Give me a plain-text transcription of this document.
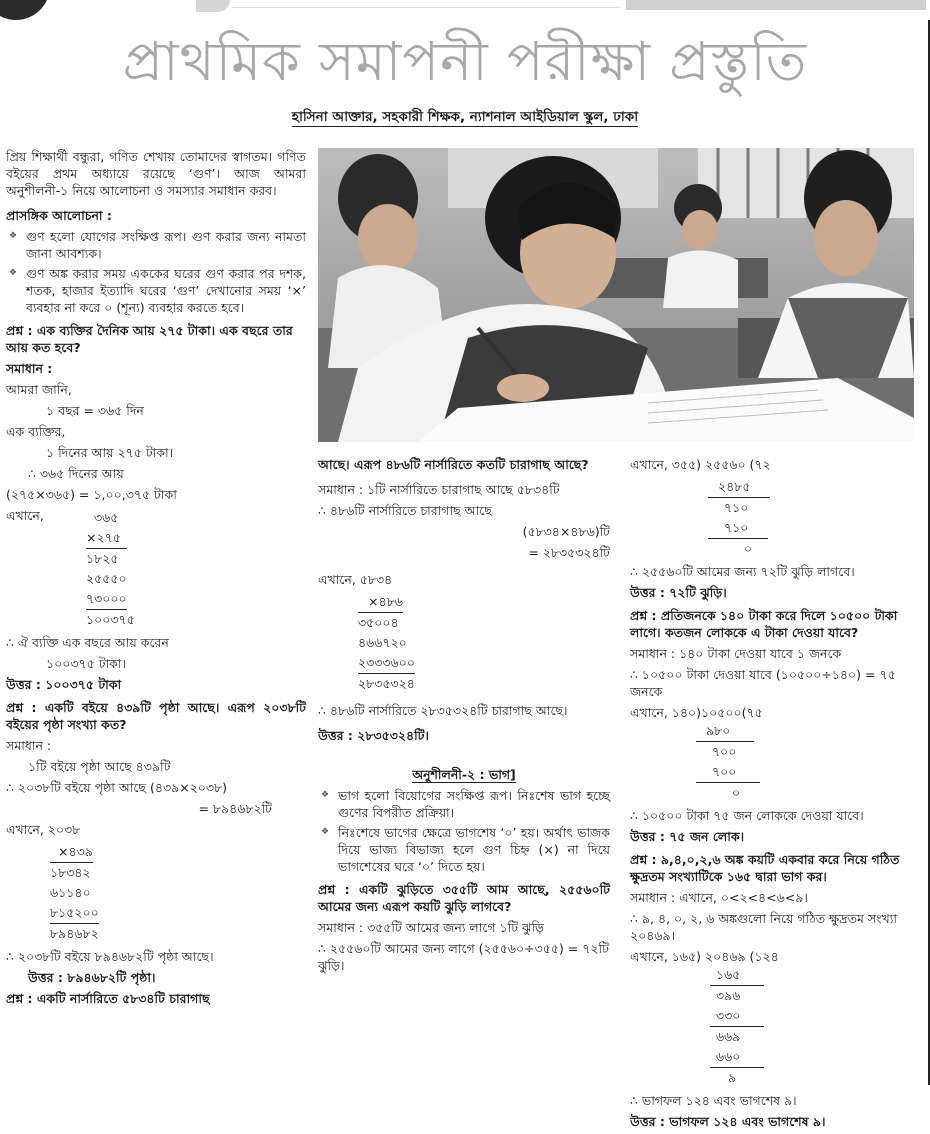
প্রাথমিক সমাপনী পরীক্ষা প্রস্তুতি
হাসিনা আক্তার, সহকারী শিক্ষক, ন্যাশনাল আইডিয়াল স্কুল, ঢাকা

প্রিয় শিক্ষার্থী বন্ধুরা, গণিত শেখায় তোমাদের স্বাগতম। গণিত বইয়ের প্রথম অধ্যায়ে রয়েছে ‘গুণ’। আজ আমরা অনুশীলনী-১ নিয়ে আলোচনা ও সমস্যার সমাধান করব।

প্রাসঙ্গিক আলোচনা :

❖ গুণ হলো যোগের সংক্ষিপ্ত রূপ। গুণ করার জন্য নামতা জানা আবশ্যক।
❖ গুণ অঙ্ক করার সময় এককের ঘরের গুণ করার পর দশক, শতক, হাজার ইত্যাদি ঘরের ‘গুণ’ দেখানোর সময় ‘×’ ব্যবহার না করে ০ (শূন্য) ব্যবহার করতে হবে।

প্রশ্ন : এক ব্যক্তির দৈনিক আয় ২৭৫ টাকা। এক বছরে তার আয় কত হবে?

সমাধান :

আমরা জানি,

১ বছর = ৩৬৫ দিন

এক ব্যক্তির,

১ দিনের আয় ২৭৫ টাকা।

∴ ৩৬৫ দিনের আয়

(২৭৫×৩৬৫) = ১,০০,৩৭৫ টাকা

এখানে,	৩৬৫
×২৭৫
১৮২৫
২৫৫৫০
৭৩০০০
১০০৩৭৫

∴ ঐ ব্যক্তি এক বছরে আয় করেন

১০০৩৭৫ টাকা।

উত্তর : ১০০৩৭৫ টাকা

প্রশ্ন : একটি বইয়ে ৪৩৯টি পৃষ্ঠা আছে। এরূপ ২০৩৮টি বইয়ের পৃষ্ঠা সংখ্যা কত?

সমাধান :

১টি বইয়ে পৃষ্ঠা আছে ৪৩৯টি

∴ ২০৩৮টি বইয়ে পৃষ্ঠা আছে (৪৩৯×২০৩৮)

= ৮৯৪৬৮২টি

এখানে, ২০৩৮

×৪৩৯
১৮৩৪২
৬১১৪০
৮১৫২০০
৮৯৪৬৮২

∴ ২০৩৮টি বইয়ে ৮৯৪৬৮২টি পৃষ্ঠা আছে।

উত্তর : ৮৯৪৬৮২টি পৃষ্ঠা।

প্রশ্ন : একটি নার্সারিতে ৫৮৩৪টি চারাগাছ

আছে। এরূপ ৪৮৬টি নার্সারিতে কতটি চারাগাছ আছে?

সমাধান : ১টি নার্সারিতে চারাগাছ আছে ৫৮৩৪টি

∴ ৪৮৬টি নার্সারিতে চারাগাছ আছে

(৫৮৩৪×৪৮৬)টি

= ২৮৩৫৩২৪টি

এখানে, ৫৮৩৪

×৪৮৬
৩৫০০৪
৪৬৬৭২০
২৩৩৩৬০০
২৮৩৫৩২৪

∴ ৪৮৬টি নার্সারিতে ২৮৩৫৩২৪টি চারাগাছ আছে।

উত্তর : ২৮৩৫৩২৪টি।

অনুশীলনী-২ : ভাগ]
❖ ভাগ হলো বিয়োগের সংক্ষিপ্ত রূপ। নিঃশেষ ভাগ হচ্ছে গুণের বিপরীত প্রক্রিয়া।
❖ নিঃশেষে ভাগের ক্ষেত্রে ভাগশেষ ‘০’ হয়। অর্থাৎ ভাজক দিয়ে ভাজ্য বিভাজ্য হলে গুণ চিহ্ন (×) না দিয়ে ভাগশেষের ঘরে ‘০’ দিতে হয়।

প্রশ্ন : একটি ঝুড়িতে ৩৫৫টি আম আছে, ২৫৫৬০টি আমের জন্য এরূপ কয়টি ঝুড়ি লাগবে?

সমাধান : ৩৫৫টি আমের জন্য লাগে ১টি ঝুড়ি

∴ ২৫৫৬০টি আমের জন্য লাগে (২৫৫৬০÷৩৫৫) = ৭২টি ঝুড়ি।

এখানে, ৩৫৫) ২৫৫৬০ (৭২

২৪৮৫
৭১০
৭১০
০

∴ ২৫৫৬০টি আমের জন্য ৭২টি ঝুড়ি লাগবে।

উত্তর : ৭২টি ঝুড়ি।

প্রশ্ন : প্রতিজনকে ১৪০ টাকা করে দিলে ১০৫০০ টাকা লাগে। কতজন লোককে এ টাকা দেওয়া যাবে?

সমাধান : ১৪০ টাকা দেওয়া যাবে ১ জনকে

∴ ১০৫০০ টাকা দেওয়া যাবে (১০৫০০÷১৪০) = ৭৫ জনকে

এখানে, ১৪০)১০৫০০(৭৫

৯৮০
৭০০
৭০০
০

∴ ১০৫০০ টাকা ৭৫ জন লোককে দেওয়া যাবে।

উত্তর : ৭৫ জন লোক।

প্রশ্ন : ৯,৪,০,২,৬ অঙ্ক কয়টি একবার করে নিয়ে গঠিত ক্ষুদ্রতম সংখ্যাটিকে ১৬৫ দ্বারা ভাগ কর।

সমাধান : এখানে, ০<২<৪<৬<৯।

∴ ৯, ৪, ০, ২, ৬ অঙ্কগুলো নিয়ে গঠিত ক্ষুদ্রতম সংখ্যা ২০৪৬৯।

এখানে, ১৬৫) ২০৪৬৯ (১২৪

১৬৫
৩৯৬
৩৩০
৬৬৯
৬৬০
৯

∴ ভাগফল ১২৪ এবং ভাগশেষ ৯।

উত্তর : ভাগফল ১২৪ এবং ভাগশেষ ৯।
